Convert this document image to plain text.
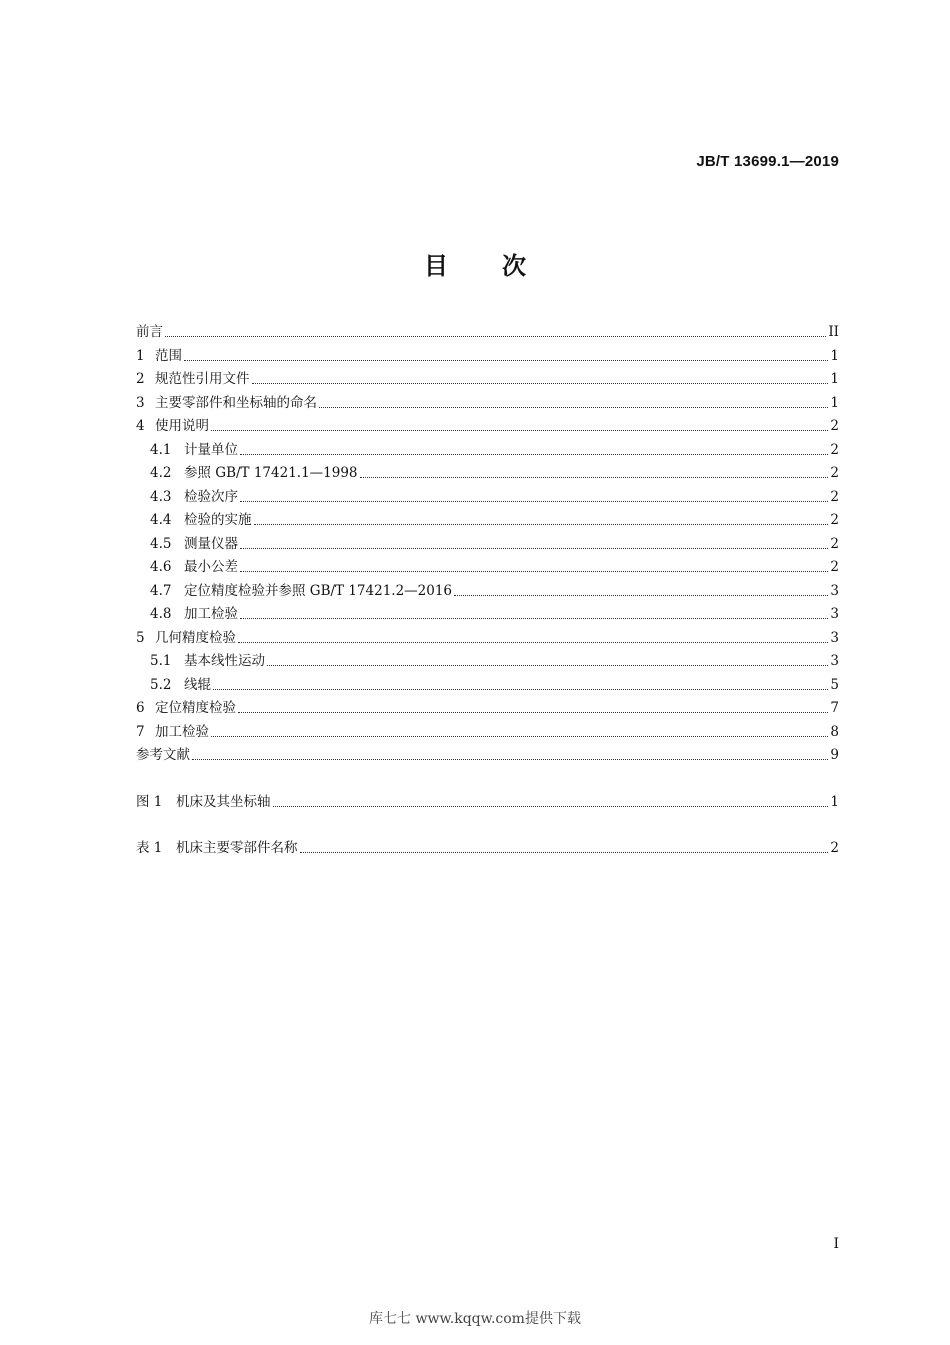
JB/T 13699.1—2019
目 次
前言	II
1 范围	1
2 规范性引用文件	1
3 主要零部件和坐标轴的命名	1
4 使用说明	2
4.1 计量单位	2
4.2 参照 GB/T 17421.1—1998	2
4.3 检验次序	2
4.4 检验的实施	2
4.5 测量仪器	2
4.6 最小公差	2
4.7 定位精度检验并参照 GB/T 17421.2—2016	3
4.8 加工检验	3
5 几何精度检验	3
5.1 基本线性运动	3
5.2 线辊	5
6 定位精度检验	7
7 加工检验	8
参考文献	9
图 1	机床及其坐标轴	1
表 1	机床主要零部件名称	2
I
库七七 www.kqqw.com提供下载
